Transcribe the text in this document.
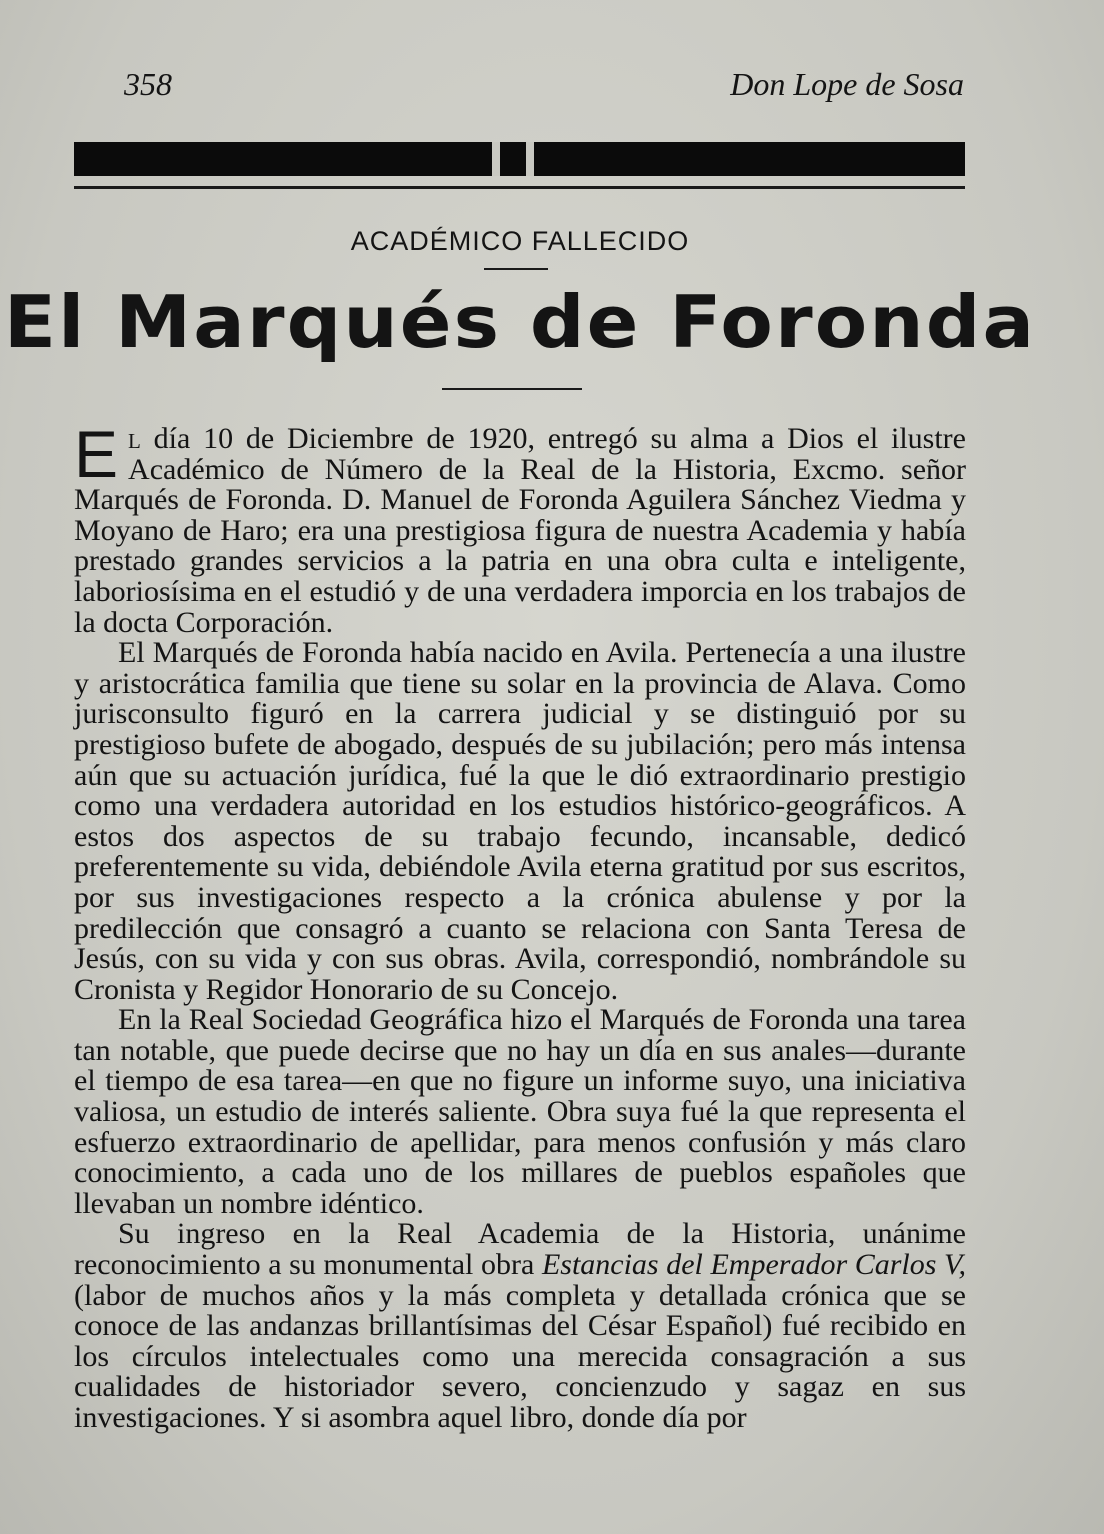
358	Don Lope de Sosa
ACADÉMICO FALLECIDO
El Marqués de Foronda

El día 10 de Diciembre de 1920, entregó su alma a Dios el ilustre Académico de Número de la Real de la Historia, Excmo. señor Marqués de Foronda. D. Manuel de Foronda Aguilera Sánchez Viedma y Moyano de Haro; era una prestigiosa figura de nuestra Academia y había prestado grandes servicios a la patria en una obra culta e inteligente, laboriosísima en el estudió y de una verdadera imporcia en los trabajos de la docta Corporación.

El Marqués de Foronda había nacido en Avila. Pertenecía a una ilustre y aristocrática familia que tiene su solar en la provincia de Alava. Como jurisconsulto figuró en la carrera judicial y se distinguió por su prestigioso bufete de abogado, después de su jubilación; pero más intensa aún que su actuación jurídica, fué la que le dió extraordinario prestigio como una verdadera autoridad en los estudios histórico-geográficos. A estos dos aspectos de su trabajo fecundo, incansable, dedicó preferentemente su vida, debiéndole Avila eterna gratitud por sus escritos, por sus investigaciones respecto a la crónica abulense y por la predilección que consagró a cuanto se relaciona con Santa Teresa de Jesús, con su vida y con sus obras. Avila, correspondió, nombrándole su Cronista y Regidor Honorario de su Concejo.

En la Real Sociedad Geográfica hizo el Marqués de Foronda una tarea tan notable, que puede decirse que no hay un día en sus anales—durante el tiempo de esa tarea—en que no figure un informe suyo, una iniciativa valiosa, un estudio de interés saliente. Obra suya fué la que representa el esfuerzo extraordinario de apellidar, para menos confusión y más claro conocimiento, a cada uno de los millares de pueblos españoles que llevaban un nombre idéntico.

Su ingreso en la Real Academia de la Historia, unánime reconocimiento a su monumental obra Estancias del Emperador Carlos V, (labor de muchos años y la más completa y detallada crónica que se conoce de las andanzas brillantísimas del César Español) fué recibido en los círculos intelectuales como una merecida consagración a sus cualidades de historiador severo, concienzudo y sagaz en sus investigaciones. Y si asombra aquel libro, donde día por
